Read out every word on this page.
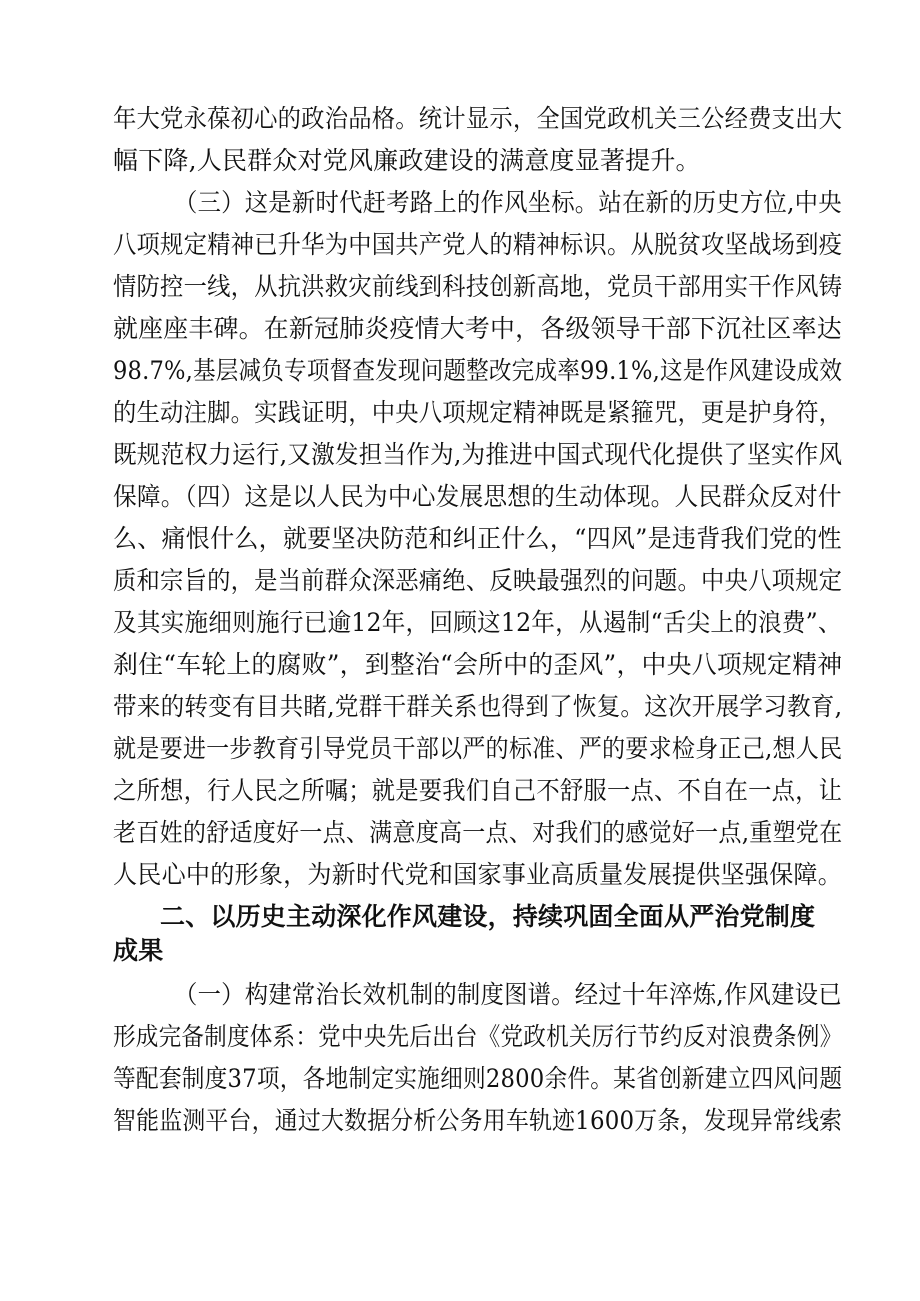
年大党永葆初心的政治品格。统计显示，全国党政机关三公经费支出大
幅下降,人民群众对党风廉政建设的满意度显著提升。
（三）这是新时代赶考路上的作风坐标。站在新的历史方位,中央
八项规定精神已升华为中国共产党人的精神标识。从脱贫攻坚战场到疫
情防控一线，从抗洪救灾前线到科技创新高地，党员干部用实干作风铸
就座座丰碑。在新冠肺炎疫情大考中，各级领导干部下沉社区率达
98.7%,基层减负专项督查发现问题整改完成率99.1%,这是作风建设成效
的生动注脚。实践证明，中央八项规定精神既是紧箍咒，更是护身符，
既规范权力运行,又激发担当作为,为推进中国式现代化提供了坚实作风
保障。（四）这是以人民为中心发展思想的生动体现。人民群众反对什
么、痛恨什么，就要坚决防范和纠正什么，“四风”是违背我们党的性
质和宗旨的，是当前群众深恶痛绝、反映最强烈的问题。中央八项规定
及其实施细则施行已逾12年，回顾这12年，从遏制“舌尖上的浪费”、
刹住“车轮上的腐败”，到整治“会所中的歪风”，中央八项规定精神
带来的转变有目共睹,党群干群关系也得到了恢复。这次开展学习教育,
就是要进一步教育引导党员干部以严的标准、严的要求检身正己,想人民
之所想，行人民之所嘱；就是要我们自己不舒服一点、不自在一点，让
老百姓的舒适度好一点、满意度高一点、对我们的感觉好一点,重塑党在
人民心中的形象，为新时代党和国家事业高质量发展提供坚强保障。
二、以历史主动深化作风建设，持续巩固全面从严治党制度
成果
（一）构建常治长效机制的制度图谱。经过十年淬炼,作风建设已
形成完备制度体系：党中央先后出台《党政机关厉行节约反对浪费条例》
等配套制度37项，各地制定实施细则2800余件。某省创新建立四风问题
智能监测平台，通过大数据分析公务用车轨迹1600万条，发现异常线索
